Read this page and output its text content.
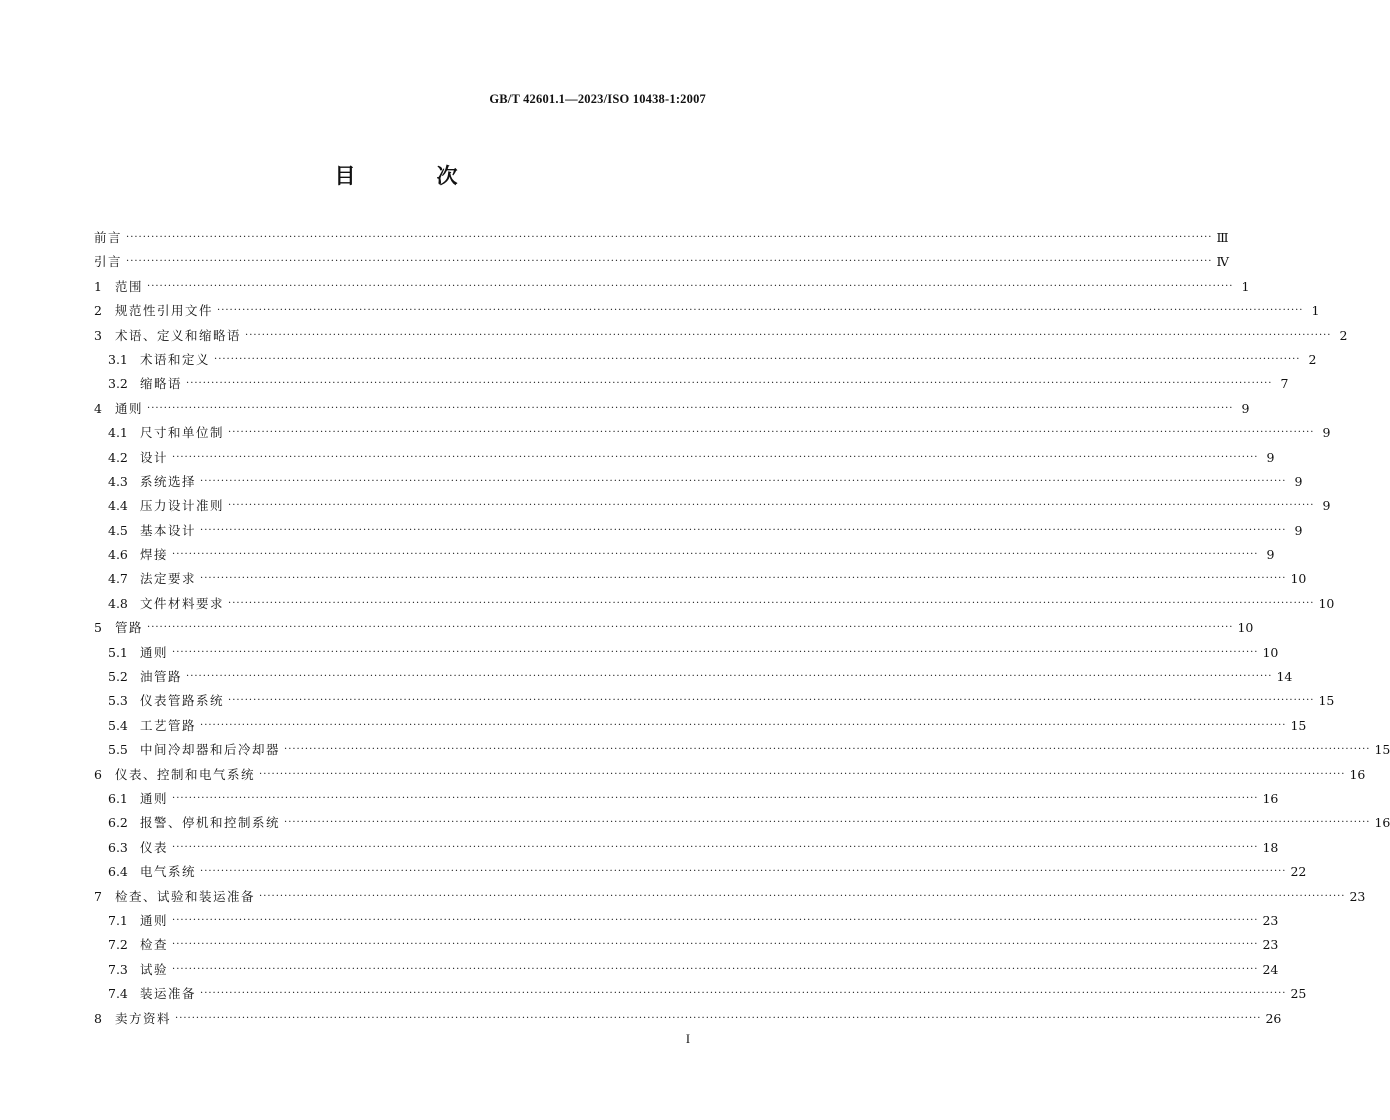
GB/T 42601.1—2023/ISO 10438-1:2007
目　次
前言 ···································································································································································································································································· Ⅲ
引言 ···································································································································································································································································· Ⅳ
1	范围 ···································································································································································································································································· 1
2	规范性引用文件 ···································································································································································································································································· 1
3	术语、定义和缩略语 ···································································································································································································································································· 2
3.1 术语和定义 ···································································································································································································································································· 2
3.2 缩略语 ···································································································································································································································································· 7
4	通则 ···································································································································································································································································· 9
4.1 尺寸和单位制 ···································································································································································································································································· 9
4.2 设计 ···································································································································································································································································· 9
4.3 系统选择 ···································································································································································································································································· 9
4.4 压力设计准则 ···································································································································································································································································· 9
4.5 基本设计 ···································································································································································································································································· 9
4.6 焊接 ···································································································································································································································································· 9
4.7 法定要求 ···································································································································································································································································· 10
4.8 文件材料要求 ···································································································································································································································································· 10
5	管路 ···································································································································································································································································· 10
5.1 通则 ···································································································································································································································································· 10
5.2 油管路 ···································································································································································································································································· 14
5.3 仪表管路系统 ···································································································································································································································································· 15
5.4 工艺管路 ···································································································································································································································································· 15
5.5 中间冷却器和后冷却器 ···································································································································································································································································· 15
6	仪表、控制和电气系统 ···································································································································································································································································· 16
6.1 通则 ···································································································································································································································································· 16
6.2 报警、停机和控制系统 ···································································································································································································································································· 16
6.3 仪表 ···································································································································································································································································· 18
6.4 电气系统 ···································································································································································································································································· 22
7	检查、试验和装运准备 ···································································································································································································································································· 23
7.1 通则 ···································································································································································································································································· 23
7.2 检查 ···································································································································································································································································· 23
7.3 试验 ···································································································································································································································································· 24
7.4 装运准备 ···································································································································································································································································· 25
8	卖方资料 ···································································································································································································································································· 26
I
